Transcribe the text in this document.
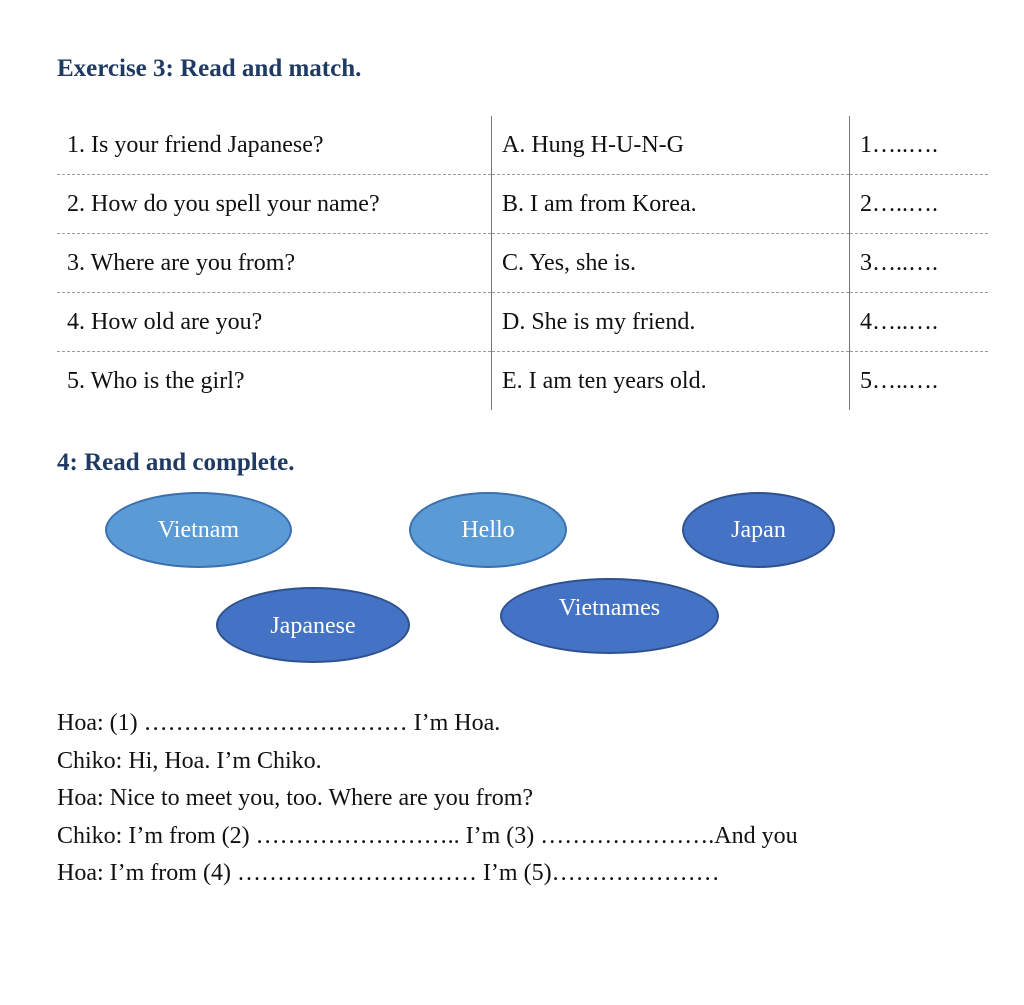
Exercise 3: Read and match.
1. Is your friend Japanese?	A. Hung H-U-N-G	1…..….
2. How do you spell your name?	B. I am from Korea.	2…..….
3. Where are you from?	C. Yes, she is.	3…..….
4. How old are you?	D. She is my friend.	4…..….
5. Who is the girl?	E. I am ten years old.	5…..….
4: Read and complete.
Vietnam	Hello	Japan
Japanese
Vietnames
Hoa: (1) …………………………… I’m Hoa.
Chiko: Hi, Hoa. I’m Chiko.
Hoa: Nice to meet you, too. Where are you from?
Chiko: I’m from (2) …………………….. I’m (3) ………………….And you
Hoa: I’m from (4) ………………………… I’m (5)…………………
